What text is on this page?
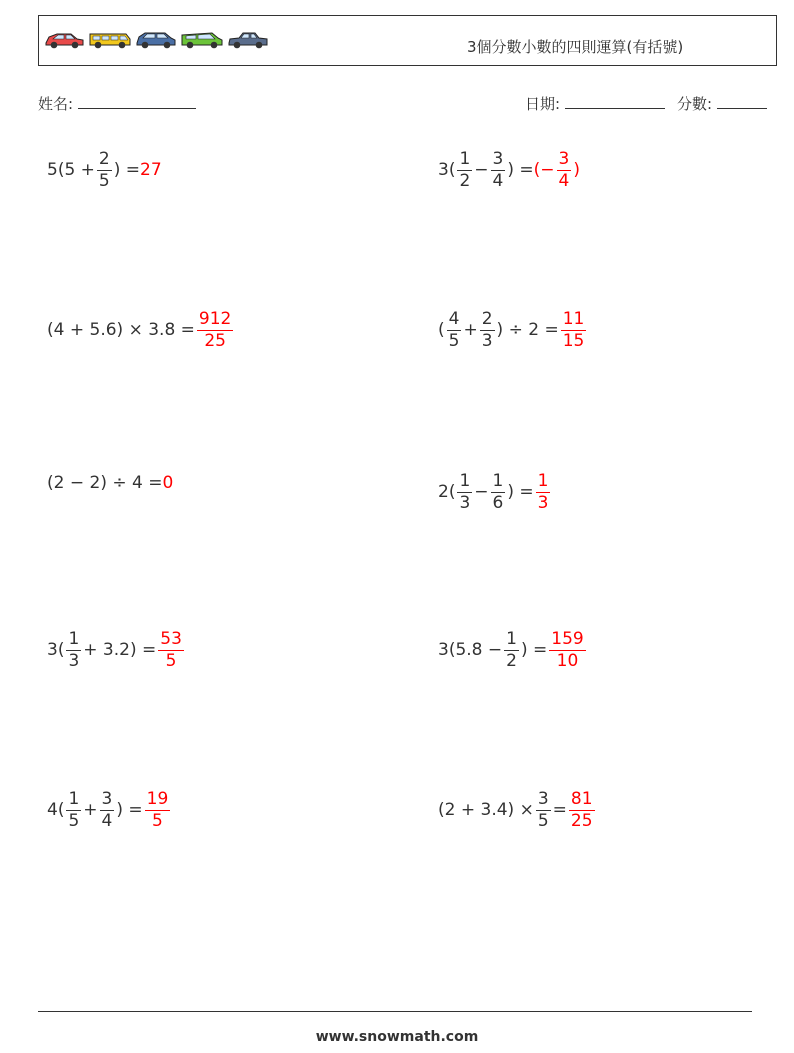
3個分數小數的四則運算(有括號)
姓名:	日期:	分數:
$5(5 + \frac{2}{5}$ ) = 27	$3( \frac{1}{2} - \frac{3}{4}$ ) = (− $\frac{3}{4}$ )
$(4 + 5.6) \times 3.8 = \frac{912}{25}$	( $\frac{4}{5} + \frac{2}{3}$ ) ÷ $2 = \frac{11}{15}$
(2 − 2) ÷ 4 = 0	$2( \frac{1}{3} - \frac{1}{6}$ ) = $\frac{1}{3}$
$3( \frac{1}{3} + 3.2) = \frac{53}{5}$	$3(5.8 - \frac{1}{2}$ ) = $\frac{159}{10}$
$4( \frac{1}{5} + \frac{3}{4}$ ) = $\frac{19}{5}$	$(2 + 3.4) \times \frac{3}{5} = \frac{81}{25}$
www.snowmath.com
